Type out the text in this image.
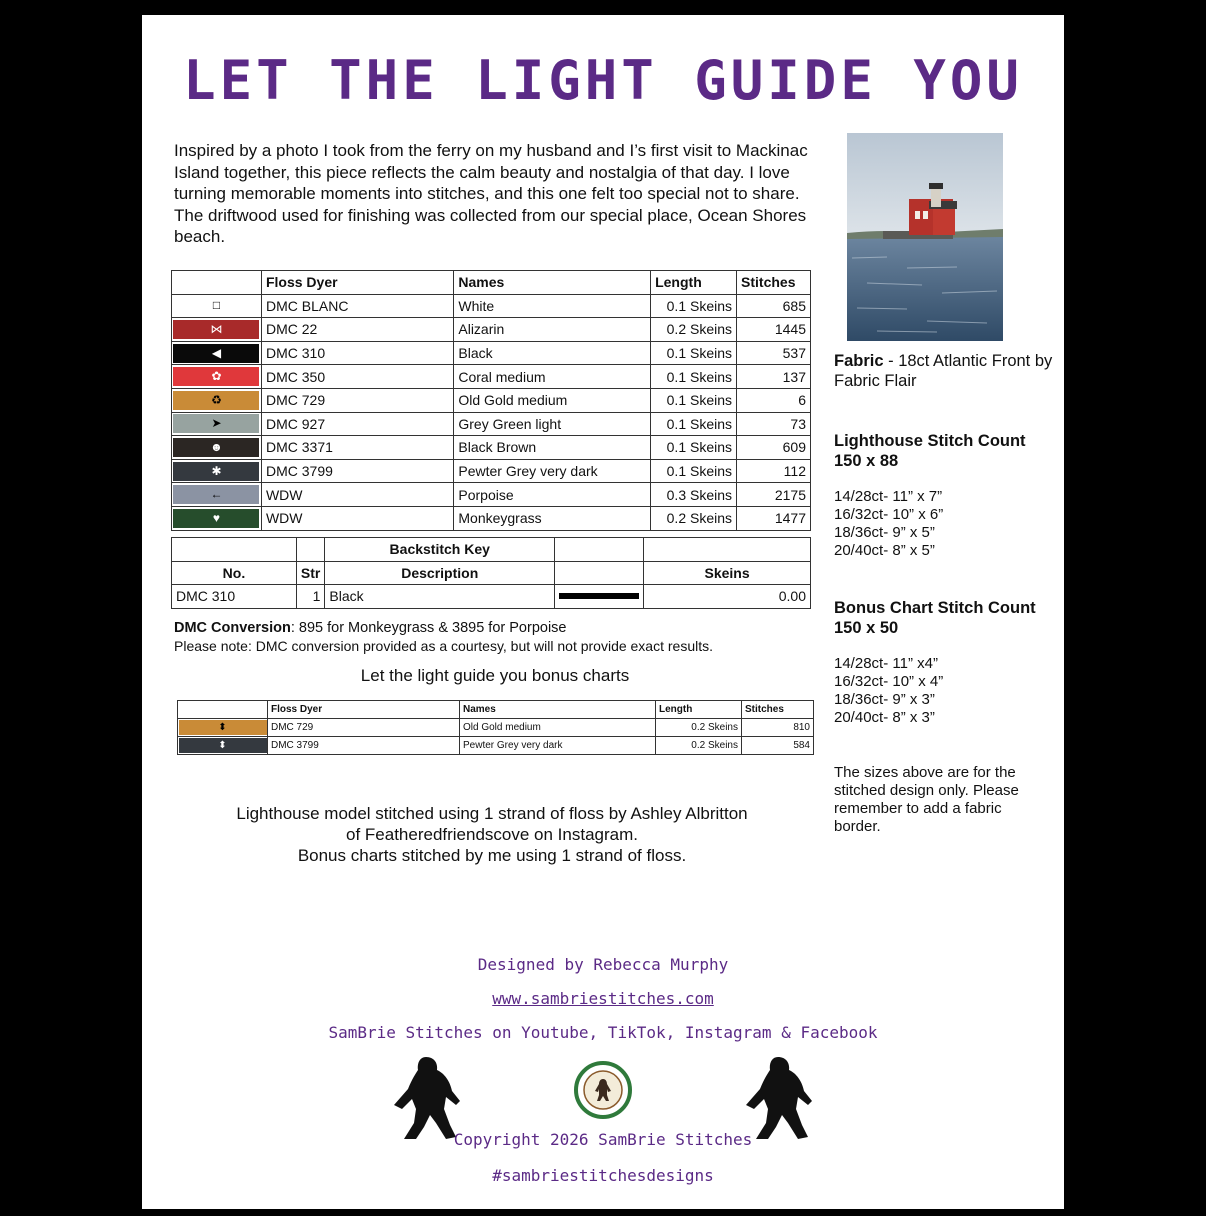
LET THE LIGHT GUIDE YOU

Inspired by a photo I took from the ferry on my husband and I’s first visit to Mackinac Island together, this piece reflects the calm beauty and nostalgia of that day. I love turning memorable moments into stitches, and this one felt too special not to share. The driftwood used for finishing was collected from our special place, Ocean Shores beach.

Fabric - 18ct Atlantic Front by Fabric Flair
Lighthouse Stitch Count
150 x 88
14/28ct- 11” x 7”
16/32ct- 10” x 6”
18/36ct- 9” x 5”
20/40ct- 8” x 5”
Bonus Chart Stitch Count
150 x 50
14/28ct- 11” x4”
16/32ct- 10” x 4”
18/36ct- 9” x 3”
20/40ct- 8” x 3”
The sizes above are for the stitched design only. Please remember to add a fabric border.
	Floss Dyer	Names	Length	Stitches

□	DMC BLANC	White	0.1 Skeins	685

⋈	DMC 22	Alizarin	0.2 Skeins	1445

◀	DMC 310	Black	0.1 Skeins	537

✿	DMC 350	Coral medium	0.1 Skeins	137

♻	DMC 729	Old Gold medium	0.1 Skeins	6

➤	DMC 927	Grey Green light	0.1 Skeins	73

☻	DMC 3371	Black Brown	0.1 Skeins	609

✱	DMC 3799	Pewter Grey very dark	0.1 Skeins	112

←	WDW	Porpoise	0.3 Skeins	2175

♥	WDW	Monkeygrass	0.2 Skeins	1477
		Backstitch Key		
No.	Str	Description		Skeins
DMC 310	1	Black		0.00
DMC Conversion: 895 for Monkeygrass & 3895 for Porpoise
Please note: DMC conversion provided as a courtesy, but will not provide exact results.
Let the light guide you bonus charts
	Floss Dyer	Names	Length	Stitches

⬍	DMC 729	Old Gold medium	0.2 Skeins	810

⬍	DMC 3799	Pewter Grey very dark	0.2 Skeins	584
Lighthouse model stitched using 1 strand of floss by Ashley Albritton
of Featheredfriendscove on Instagram.
Bonus charts stitched by me using 1 strand of floss.
Designed by Rebecca Murphy
www.sambriestitches.com
SamBrie Stitches on Youtube, TikTok, Instagram & Facebook
Copyright 2026 SamBrie Stitches
#sambriestitchesdesigns
